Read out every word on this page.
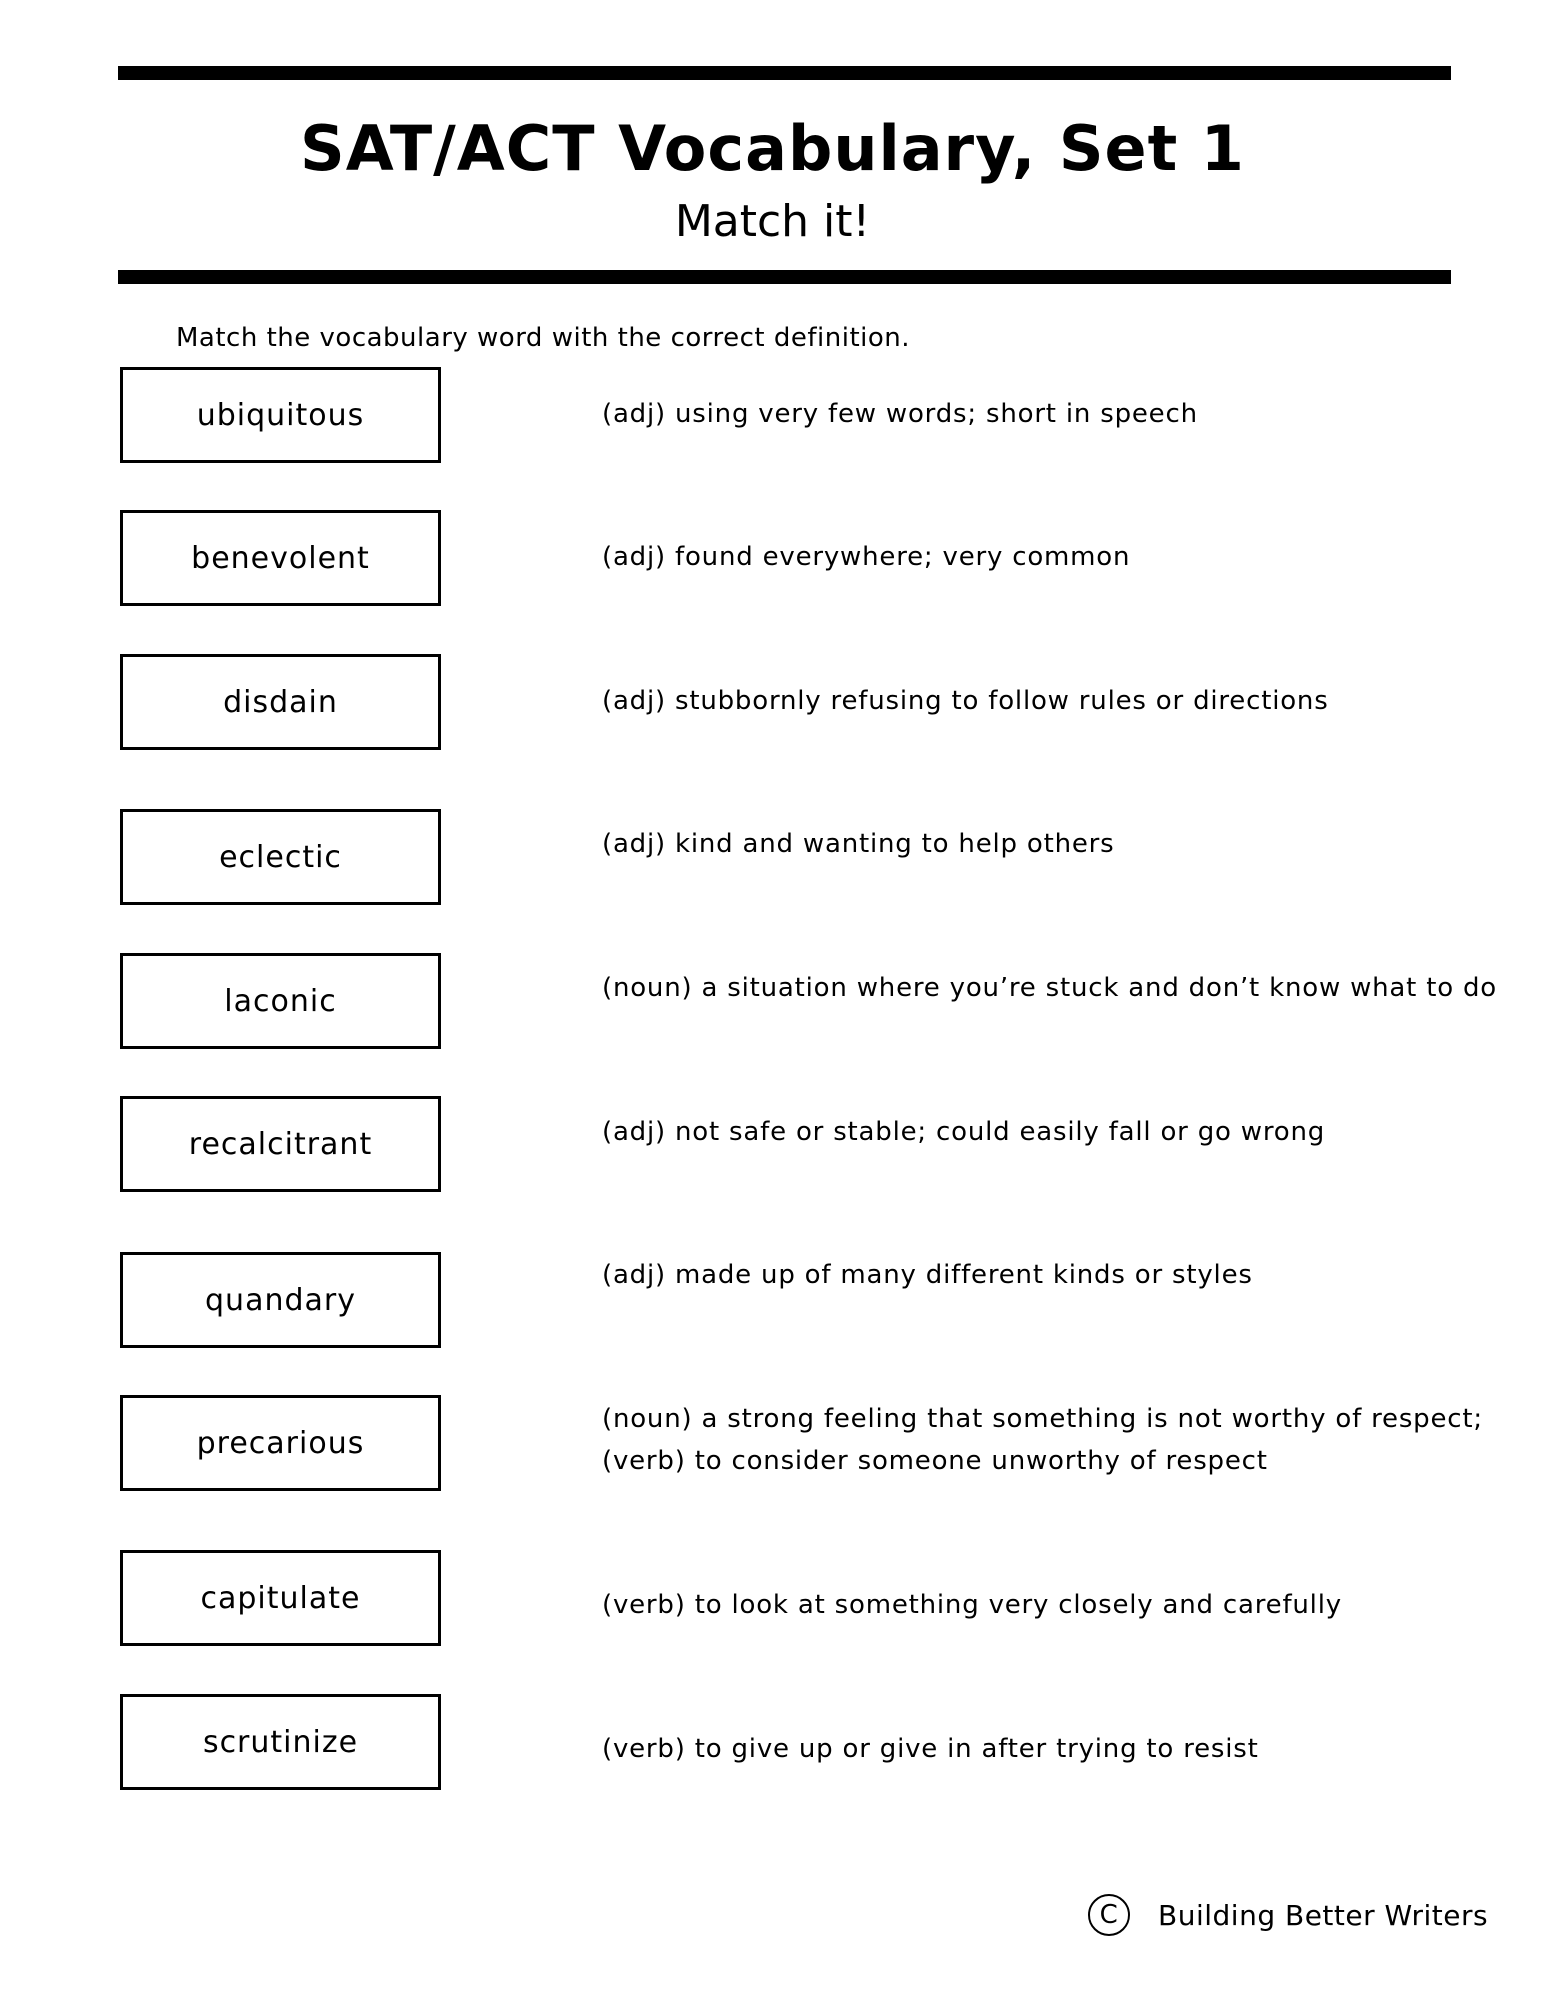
SAT/ACT Vocabulary, Set 1
Match it!
Match the vocabulary word with the correct definition.
ubiquitous
benevolent
disdain
eclectic
laconic
recalcitrant
quandary
precarious
capitulate
scrutinize
(adj) using very few words; short in speech
(adj) found everywhere; very common
(adj) stubbornly refusing to follow rules or directions
(adj) kind and wanting to help others
(noun) a situation where you’re stuck and don’t know what to do
(adj) not safe or stable; could easily fall or go wrong
(adj) made up of many different kinds or styles
(noun) a strong feeling that something is not worthy of respect;
(verb) to consider someone unworthy of respect
(verb) to look at something very closely and carefully
(verb) to give up or give in after trying to resist
C	Building Better Writers
